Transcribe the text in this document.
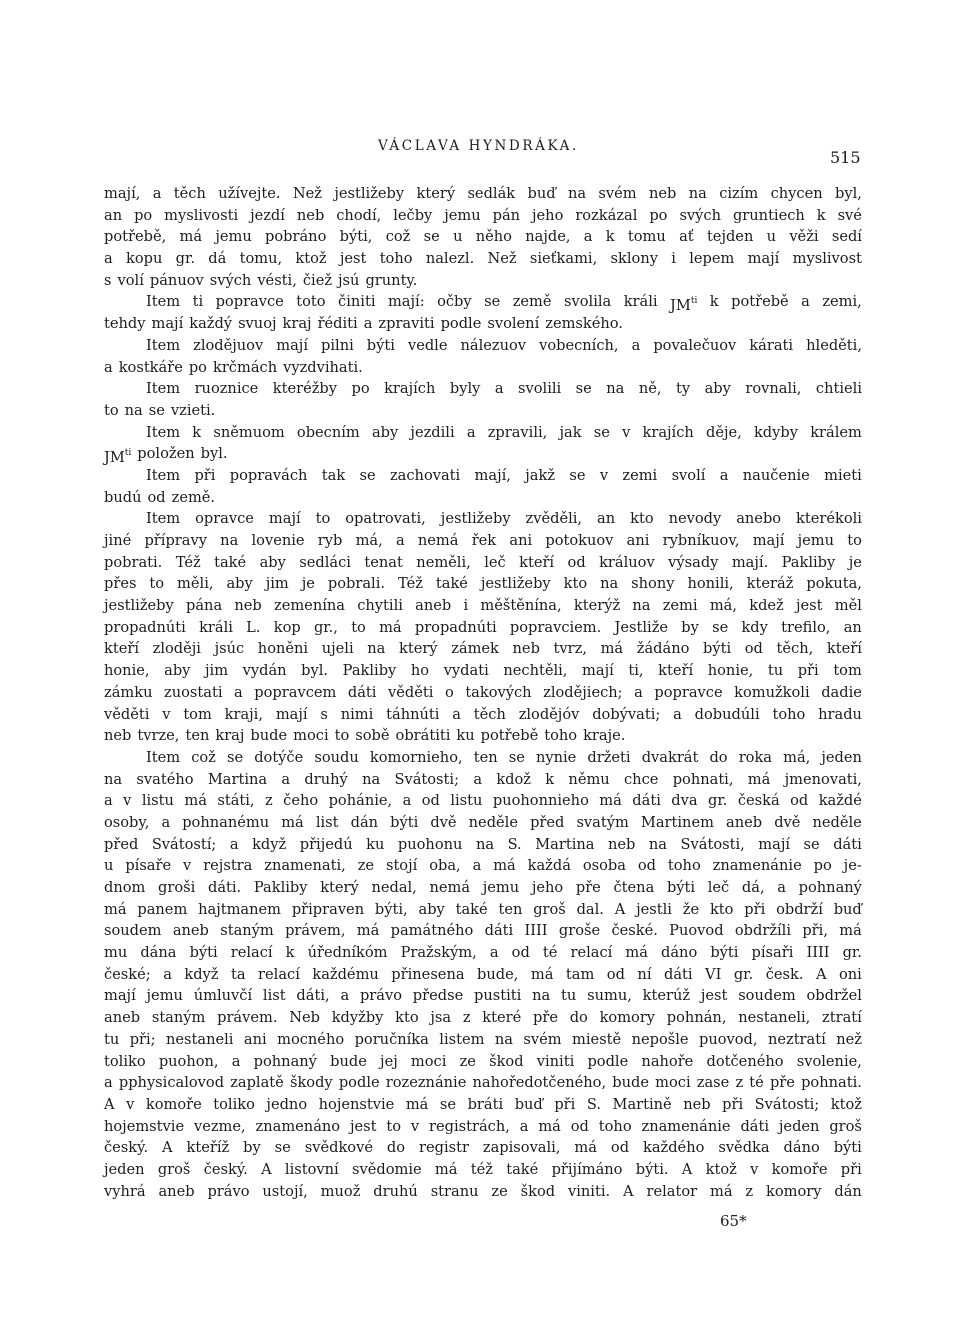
VÁCLAVA HYNDRÁKA.
515
mají, a těch užívejte. Než jestližeby který sedlák buď na svém neb na cizím chycen byl,
an po myslivosti jezdí neb chodí, lečby jemu pán jeho rozkázal po svých gruntiech k své
potřebě, má jemu pobráno býti, což se u něho najde, a k tomu ať tejden u věži sedí
a kopu gr. dá tomu, ktož jest toho nalezl. Než sieťkami, sklony i lepem mají myslivost
s volí pánuov svých vésti, čiež jsú grunty.
Item ti popravce toto činiti mají: očby se země svolila králi $JM^{ti}$ k potřebě a zemi,
tehdy mají každý svuoj kraj řéditi a zpraviti podle svolení zemského.
Item zlodějuov mají pilni býti vedle nálezuov vobecních, a povalečuov kárati hleděti,
a kostkáře po krčmách vyzdvihati.
Item ruoznice kteréžby po krajích byly a svolili se na ně, ty aby rovnali, chtieli
to na se vzieti.
Item k sněmuom obecním aby jezdili a zpravili, jak se v krajích děje, kdyby králem
$JM^{ti}$ položen byl.
Item při popravách tak se zachovati mají, jakž se v zemi svolí a naučenie mieti
budú od země.
Item opravce mají to opatrovati, jestližeby zvěděli, an kto nevody anebo kterékoli
jiné přípravy na lovenie ryb má, a nemá řek ani potokuov ani rybníkuov, mají jemu to
pobrati. Též také aby sedláci tenat neměli, leč kteří od králuov výsady mají. Pakliby je
přes to měli, aby jim je pobrali. Též také jestližeby kto na shony honili, kteráž pokuta,
jestližeby pána neb zemenína chytili aneb i měštěnína, kterýž na zemi má, kdež jest měl
propadnúti králi L. kop gr., to má propadnúti popravciem. Jestliže by se kdy trefilo, an
kteří zloději jsúc honěni ujeli na který zámek neb tvrz, má žádáno býti od těch, kteří
honie, aby jim vydán byl. Pakliby ho vydati nechtěli, mají ti, kteří honie, tu při tom
zámku zuostati a popravcem dáti věděti o takových zlodějiech; a popravce komužkoli dadie
věděti v tom kraji, mají s nimi táhnúti a těch zlodějóv dobývati; a dobudúli toho hradu
neb tvrze, ten kraj bude moci to sobě obrátiti ku potřebě toho kraje.
Item což se dotýče soudu komornieho, ten se nynie držeti dvakrát do roka má, jeden
na svatého Martina a druhý na Svátosti; a kdož k němu chce pohnati, má jmenovati,
a v listu má státi, z čeho pohánie, a od listu puohonnieho má dáti dva gr. česká od každé
osoby, a pohnanému má list dán býti dvě neděle před svatým Martinem aneb dvě neděle
před Svátostí; a když přijedú ku puohonu na S. Martina neb na Svátosti, mají se dáti
u písaře v rejstra znamenati, ze stojí oba, a má každá osoba od toho znamenánie po je-
dnom groši dáti. Pakliby který nedal, nemá jemu jeho pře čtena býti leč dá, a pohnaný
má panem hajtmanem připraven býti, aby také ten groš dal. A jestli že kto při obdrží buď
soudem aneb staným právem, má památného dáti IIII groše české. Puovod obdržíli při, má
mu dána býti relací k úředníkóm Pražským, a od té relací má dáno býti písaři IIII gr.
české; a když ta relací každému přinesena bude, má tam od ní dáti VI gr. česk. A oni
mají jemu úmluvčí list dáti, a právo předse pustiti na tu sumu, kterúž jest soudem obdržel
aneb staným právem. Neb kdyžby kto jsa z které pře do komory pohnán, nestaneli, ztratí
tu při; nestaneli ani mocného poručníka listem na svém miestě nepošle puovod, neztratí než
toliko puohon, a pohnaný bude jej moci ze škod viniti podle nahoře dotčeného svolenie,
a pphysicalovod zaplatě škody podle rozeznánie nahoředotčeného, bude moci zase z té pře pohnati.
A v komoře toliko jedno hojenstvie má se bráti buď při S. Martině neb při Svátosti; ktož
hojemstvie vezme, znamenáno jest to v registrách, a má od toho znamenánie dáti jeden groš
český. A kteříž by se svědkové do registr zapisovali, má od každého svědka dáno býti
jeden groš český. A listovní svědomie má též také přijímáno býti. A ktož v komoře při
vyhrá aneb právo ustojí, muož druhú stranu ze škod viniti. A relator má z komory dán
65*
